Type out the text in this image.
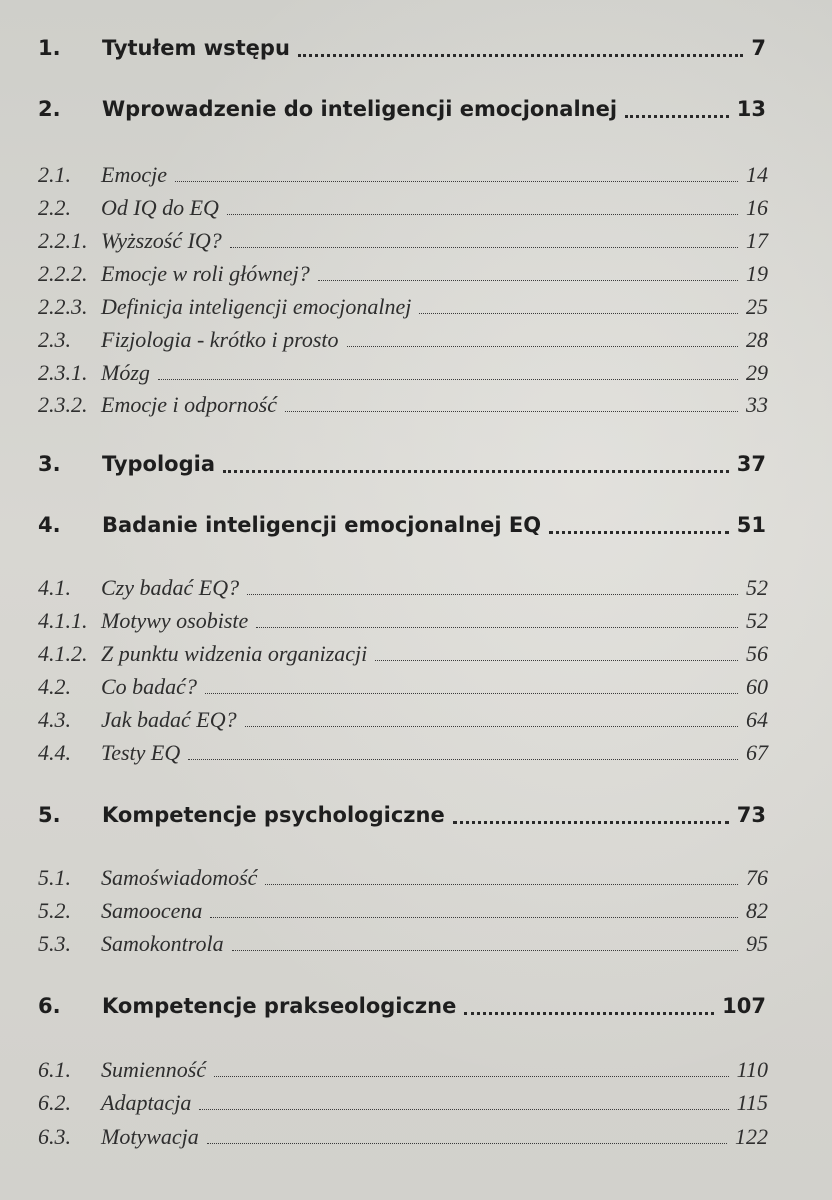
1. Tytułem wstępu	7
2. Wprowadzenie do inteligencji emocjonalnej	13
2.1. Emocje	14
2.2. Od IQ do EQ	16
2.2.1. Wyższość IQ?	17
2.2.2. Emocje w roli głównej?	19
2.2.3. Definicja inteligencji emocjonalnej	25
2.3. Fizjologia - krótko i prosto	28
2.3.1. Mózg	29
2.3.2. Emocje i odporność	33
3. Typologia	37
4. Badanie inteligencji emocjonalnej EQ	51
4.1. Czy badać EQ?	52
4.1.1. Motywy osobiste	52
4.1.2. Z punktu widzenia organizacji	56
4.2. Co badać?	60
4.3. Jak badać EQ?	64
4.4. Testy EQ	67
5. Kompetencje psychologiczne	73
5.1. Samoświadomość	76
5.2. Samoocena	82
5.3. Samokontrola	95
6. Kompetencje prakseologiczne	107
6.1. Sumienność	110
6.2. Adaptacja	115
6.3. Motywacja	122
